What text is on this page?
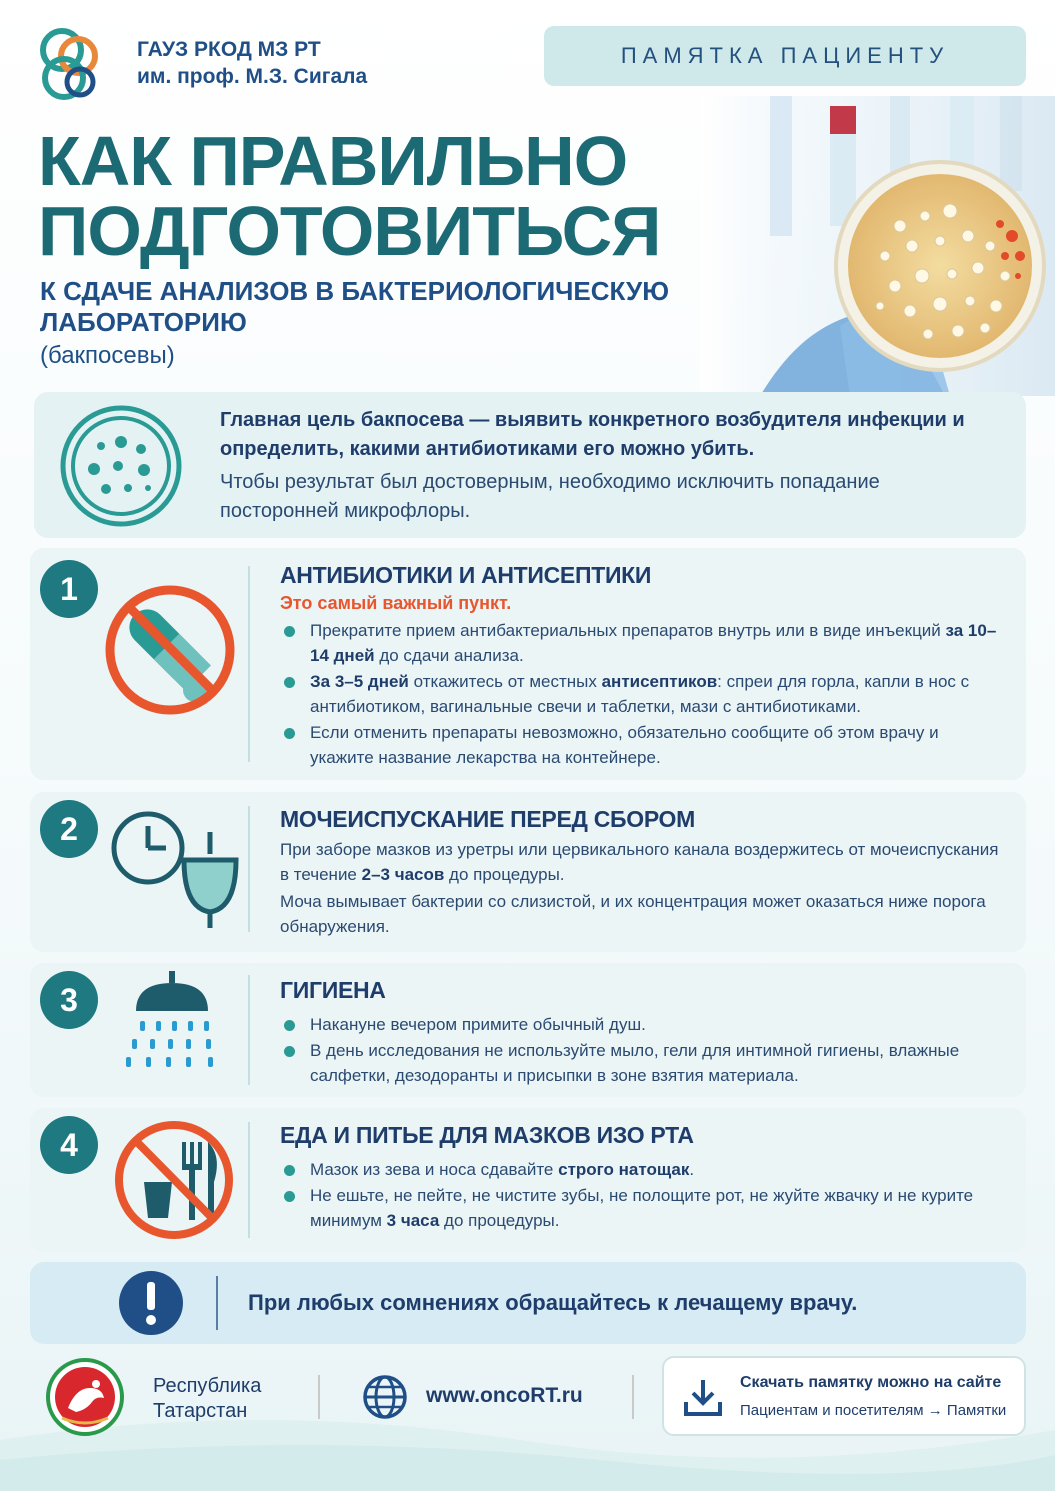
ГАУЗ РКОД МЗ РТ
им. проф. М.З. Сигала
ПАМЯТКА ПАЦИЕНТУ
КАК ПРАВИЛЬНО
ПОДГОТОВИТЬСЯ
К СДАЧЕ АНАЛИЗОВ В БАКТЕРИОЛОГИЧЕСКУЮ
ЛАБОРАТОРИЮ
(бакпосевы)
Главная цель бакпосева — выявить конкретного возбудителя инфекции и определить, какими антибиотиками его можно убить.
Чтобы результат был достоверным, необходимо исключить попадание посторонней микрофлоры.
1	АНТИБИОТИКИ И АНТИСЕПТИКИ
Это самый важный пункт.
Прекратите прием антибактериальных препаратов внутрь или в виде инъекций за 10–14 дней до сдачи анализа.
За 3–5 дней откажитесь от местных антисептиков: спреи для горла, капли в нос с антибиотиком, вагинальные свечи и таблетки, мази с антибиотиками.
Если отменить препараты невозможно, обязательно сообщите об этом врачу и укажите название лекарства на контейнере.
2	МОЧЕИСПУСКАНИЕ ПЕРЕД СБОРОМ
При заборе мазков из уретры или цервикального канала воздержитесь от мочеиспускания в течение 2–3 часов до процедуры.
Моча вымывает бактерии со слизистой, и их концентрация может оказаться ниже порога обнаружения.
3	ГИГИЕНА
Накануне вечером примите обычный душ.
В день исследования не используйте мыло, гели для интимной гигиены, влажные салфетки, дезодоранты и присыпки в зоне взятия материала.
4	ЕДА И ПИТЬЕ ДЛЯ МАЗКОВ ИЗО РТА
Мазок из зева и носа сдавайте строго натощак.
Не ешьте, не пейте, не чистите зубы, не полощите рот, не жуйте жвачку и не курите минимум 3 часа до процедуры.
При любых сомнениях обращайтесь к лечащему врачу.
Республика
Татарстан
www.oncoRT.ru
Скачать памятку можно на сайте
Пациентам и посетителям → Памятки
